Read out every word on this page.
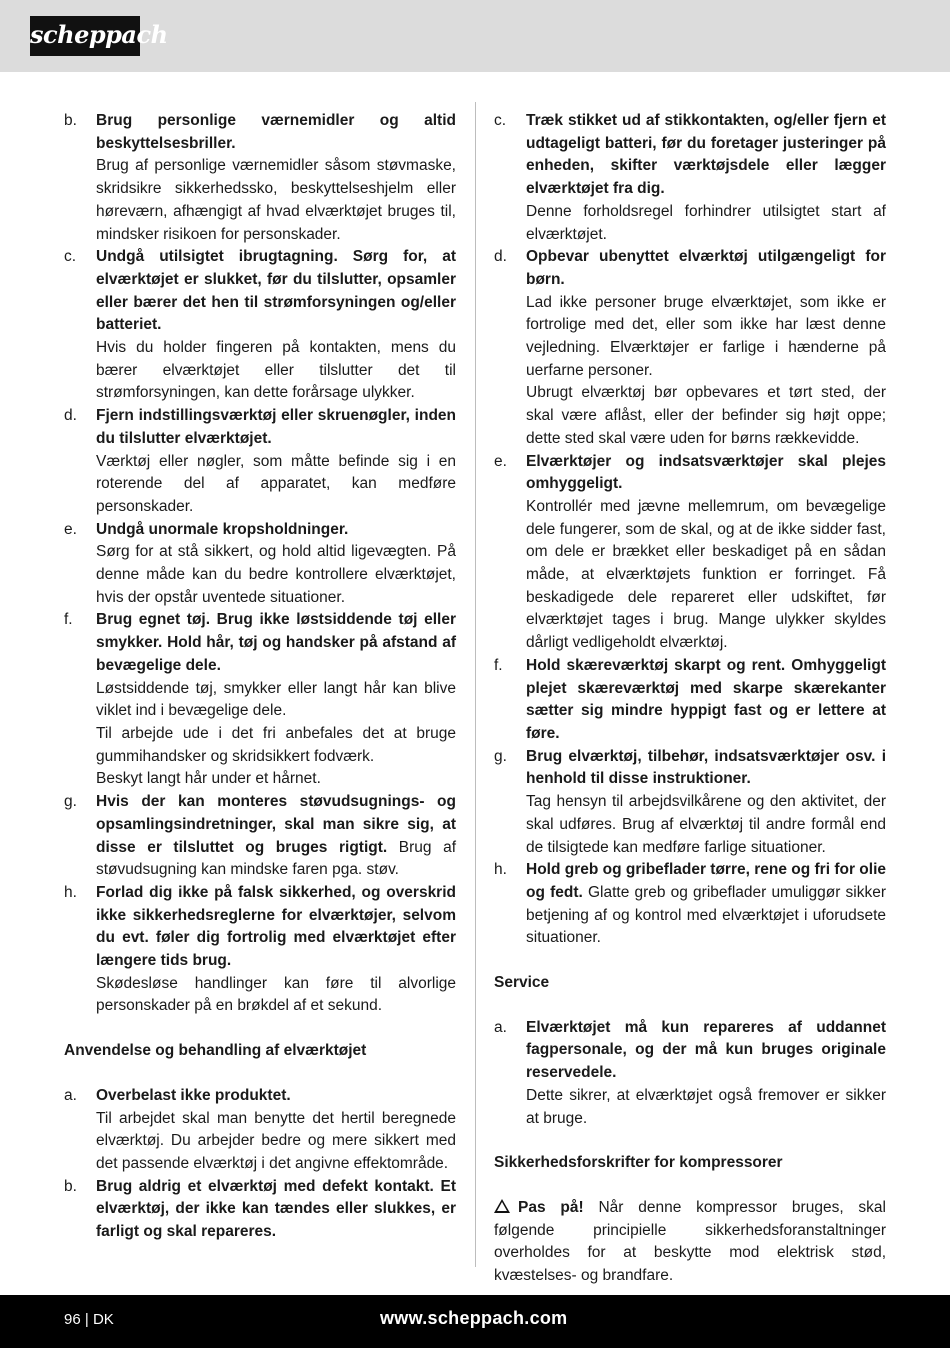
scheppach
b.	Brug personlige værnemidler og altid beskyttelsesbriller.
Brug af personlige værnemidler såsom støvmaske, skridsikre sikkerhedssko, beskyttelseshjelm eller høreværn, afhængigt af hvad elværktøjet bruges til, mindsker risikoen for personskader.
c.	Undgå utilsigtet ibrugtagning. Sørg for, at elværktøjet er slukket, før du tilslutter, opsamler eller bærer det hen til strømforsyningen og/eller batteriet.
Hvis du holder fingeren på kontakten, mens du bærer elværktøjet eller tilslutter det til strømforsyningen, kan dette forårsage ulykker.
d.	Fjern indstillingsværktøj eller skruenøgler, inden du tilslutter elværktøjet.
Værktøj eller nøgler, som måtte befinde sig i en roterende del af apparatet, kan medføre personskader.
e.	Undgå unormale kropsholdninger.
Sørg for at stå sikkert, og hold altid ligevægten. På denne måde kan du bedre kontrollere elværktøjet, hvis der opstår uventede situationer.
f.	Brug egnet tøj. Brug ikke løstsiddende tøj eller smykker. Hold hår, tøj og handsker på afstand af bevægelige dele.
Løstsiddende tøj, smykker eller langt hår kan blive viklet ind i bevægelige dele.
Til arbejde ude i det fri anbefales det at bruge gummihandsker og skridsikkert fodværk.
Beskyt langt hår under et hårnet.
g.	Hvis der kan monteres støvudsugnings- og opsamlingsindretninger, skal man sikre sig, at disse er tilsluttet og bruges rigtigt. Brug af støvudsugning kan mindske faren pga. støv.
h.	Forlad dig ikke på falsk sikkerhed, og overskrid ikke sikkerhedsreglerne for elværktøjer, selvom du evt. føler dig fortrolig med elværktøjet efter længere tids brug.
Skødesløse handlinger kan føre til alvorlige personskader på en brøkdel af et sekund.
Anvendelse og behandling af elværktøjet
a.	Overbelast ikke produktet.
Til arbejdet skal man benytte det hertil beregnede elværktøj. Du arbejder bedre og mere sikkert med det passende elværktøj i det angivne effektområde.
b.	Brug aldrig et elværktøj med defekt kontakt. Et elværktøj, der ikke kan tændes eller slukkes, er farligt og skal repareres.
c.	Træk stikket ud af stikkontakten, og/eller fjern et udtageligt batteri, før du foretager justeringer på enheden, skifter værktøjsdele eller lægger elværktøjet fra dig.
Denne forholdsregel forhindrer utilsigtet start af elværktøjet.
d.	Opbevar ubenyttet elværktøj utilgængeligt for børn.
Lad ikke personer bruge elværktøjet, som ikke er fortrolige med det, eller som ikke har læst denne vejledning. Elværktøjer er farlige i hænderne på uerfarne personer.
Ubrugt elværktøj bør opbevares et tørt sted, der skal være aflåst, eller der befinder sig højt oppe; dette sted skal være uden for børns rækkevidde.
e.	Elværktøjer og indsatsværktøjer skal plejes omhyggeligt.
Kontrollér med jævne mellemrum, om bevægelige dele fungerer, som de skal, og at de ikke sidder fast, om dele er brækket eller beskadiget på en sådan måde, at elværktøjets funktion er forringet. Få beskadigede dele repareret eller udskiftet, før elværktøjet tages i brug. Mange ulykker skyldes dårligt vedligeholdt elværktøj.
f.	Hold skæreværktøj skarpt og rent. Omhyggeligt plejet skæreværktøj med skarpe skærekanter sætter sig mindre hyppigt fast og er lettere at føre.
g.	Brug elværktøj, tilbehør, indsatsværktøjer osv. i henhold til disse instruktioner.
Tag hensyn til arbejdsvilkårene og den aktivitet, der skal udføres. Brug af elværktøj til andre formål end de tilsigtede kan medføre farlige situationer.
h.	Hold greb og gribeflader tørre, rene og fri for olie og fedt. Glatte greb og gribeflader umuliggør sikker betjening af og kontrol med elværktøjet i uforudsete situationer.
Service
a.	Elværktøjet må kun repareres af uddannet fagpersonale, og der må kun bruges originale reservedele.
Dette sikrer, at elværktøjet også fremover er sikker at bruge.
Sikkerhedsforskrifter for kompressorer
Pas på! Når denne kompressor bruges, skal følgende principielle sikkerhedsforanstaltninger overholdes for at beskytte mod elektrisk stød, kvæstelses- og brandfare.
96 | DK	www.scheppach.com
